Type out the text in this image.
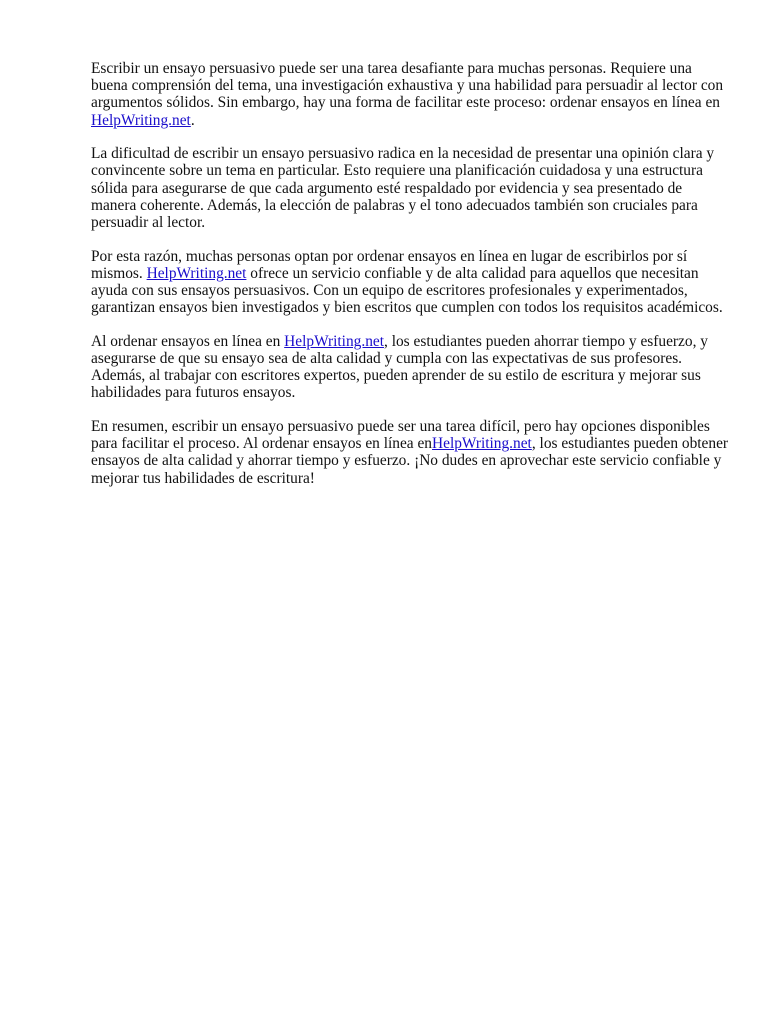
Escribir un ensayo persuasivo puede ser una tarea desafiante para muchas personas. Requiere una buena comprensión del tema, una investigación exhaustiva y una habilidad para persuadir al lector con argumentos sólidos. Sin embargo, hay una forma de facilitar este proceso: ordenar ensayos en línea en HelpWriting.net.

La dificultad de escribir un ensayo persuasivo radica en la necesidad de presentar una opinión clara y convincente sobre un tema en particular. Esto requiere una planificación cuidadosa y una estructura sólida para asegurarse de que cada argumento esté respaldado por evidencia y sea presentado de manera coherente. Además, la elección de palabras y el tono adecuados también son cruciales para persuadir al lector.

Por esta razón, muchas personas optan por ordenar ensayos en línea en lugar de escribirlos por sí mismos. HelpWriting.net ofrece un servicio confiable y de alta calidad para aquellos que necesitan ayuda con sus ensayos persuasivos. Con un equipo de escritores profesionales y experimentados, garantizan ensayos bien investigados y bien escritos que cumplen con todos los requisitos académicos.

Al ordenar ensayos en línea en HelpWriting.net, los estudiantes pueden ahorrar tiempo y esfuerzo, y asegurarse de que su ensayo sea de alta calidad y cumpla con las expectativas de sus profesores. Además, al trabajar con escritores expertos, pueden aprender de su estilo de escritura y mejorar sus habilidades para futuros ensayos.

En resumen, escribir un ensayo persuasivo puede ser una tarea difícil, pero hay opciones disponibles para facilitar el proceso. Al ordenar ensayos en línea enHelpWriting.net, los estudiantes pueden obtener ensayos de alta calidad y ahorrar tiempo y esfuerzo. ¡No dudes en aprovechar este servicio confiable y mejorar tus habilidades de escritura!
